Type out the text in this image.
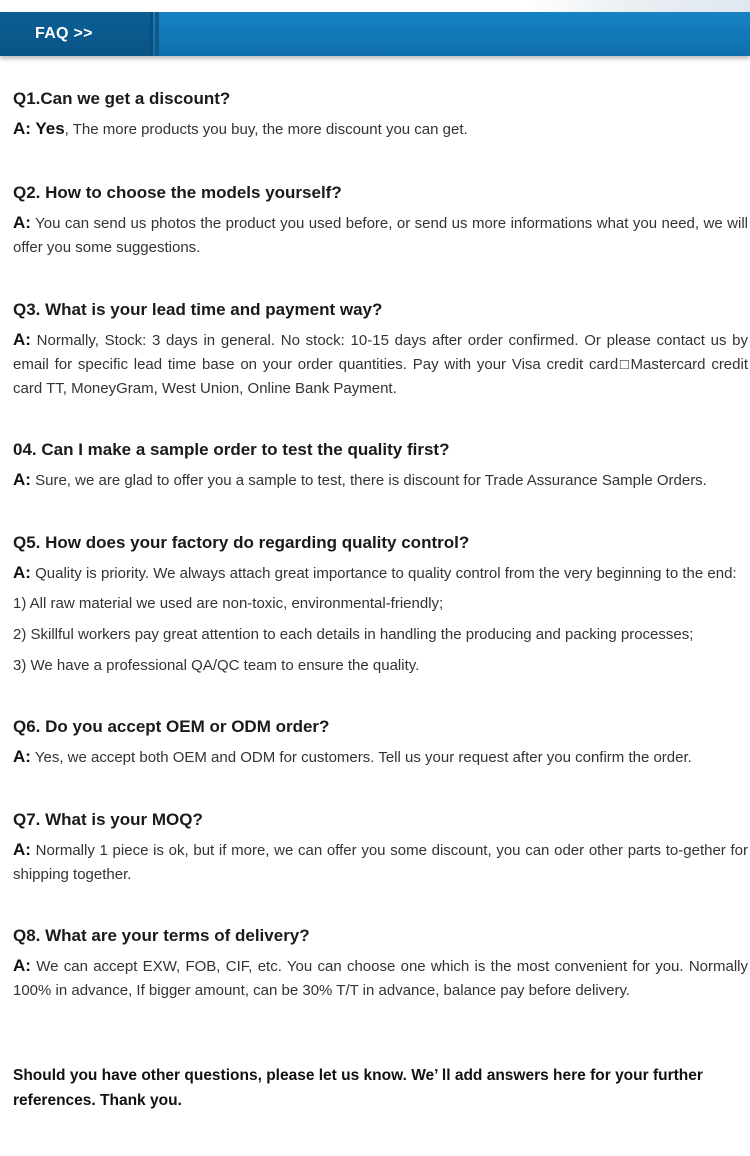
FAQ >>

Q1.Can we get a discount?

A: Yes, The more products you buy, the more discount you can get.

Q2. How to choose the models yourself?

A: You can send us photos the product you used before, or send us more informations what you need, we will offer you some suggestions.

Q3. What is your lead time and payment way?

A: Normally, Stock: 3 days in general. No stock: 10-15 days after order confirmed. Or please contact us by email for specific lead time base on your order quantities. Pay with your Visa credit card□Mastercard credit card TT, MoneyGram, West Union, Online Bank Payment.

04. Can I make a sample order to test the quality first?

A: Sure, we are glad to offer you a sample to test, there is discount for Trade Assurance Sample Orders.

Q5. How does your factory do regarding quality control?

A: Quality is priority. We always attach great importance to quality control from the very beginning to the end:

1) All raw material we used are non-toxic, environmental-friendly;
2) Skillful workers pay great attention to each details in handling the producing and packing processes;
3) We have a professional QA/QC team to ensure the quality.

Q6. Do you accept OEM or ODM order?

A: Yes, we accept both OEM and ODM for customers. Tell us your request after you confirm the order.

Q7. What is your MOQ?

A: Normally 1 piece is ok, but if more, we can offer you some discount, you can oder other parts to-gether for shipping together.

Q8. What are your terms of delivery?

A: We can accept EXW, FOB, CIF, etc. You can choose one which is the most convenient for you. Normally 100% in advance, If bigger amount, can be 30% T/T in advance, balance pay before delivery.

Should you have other questions, please let us know. We’ ll add answers here for your further references. Thank you.
